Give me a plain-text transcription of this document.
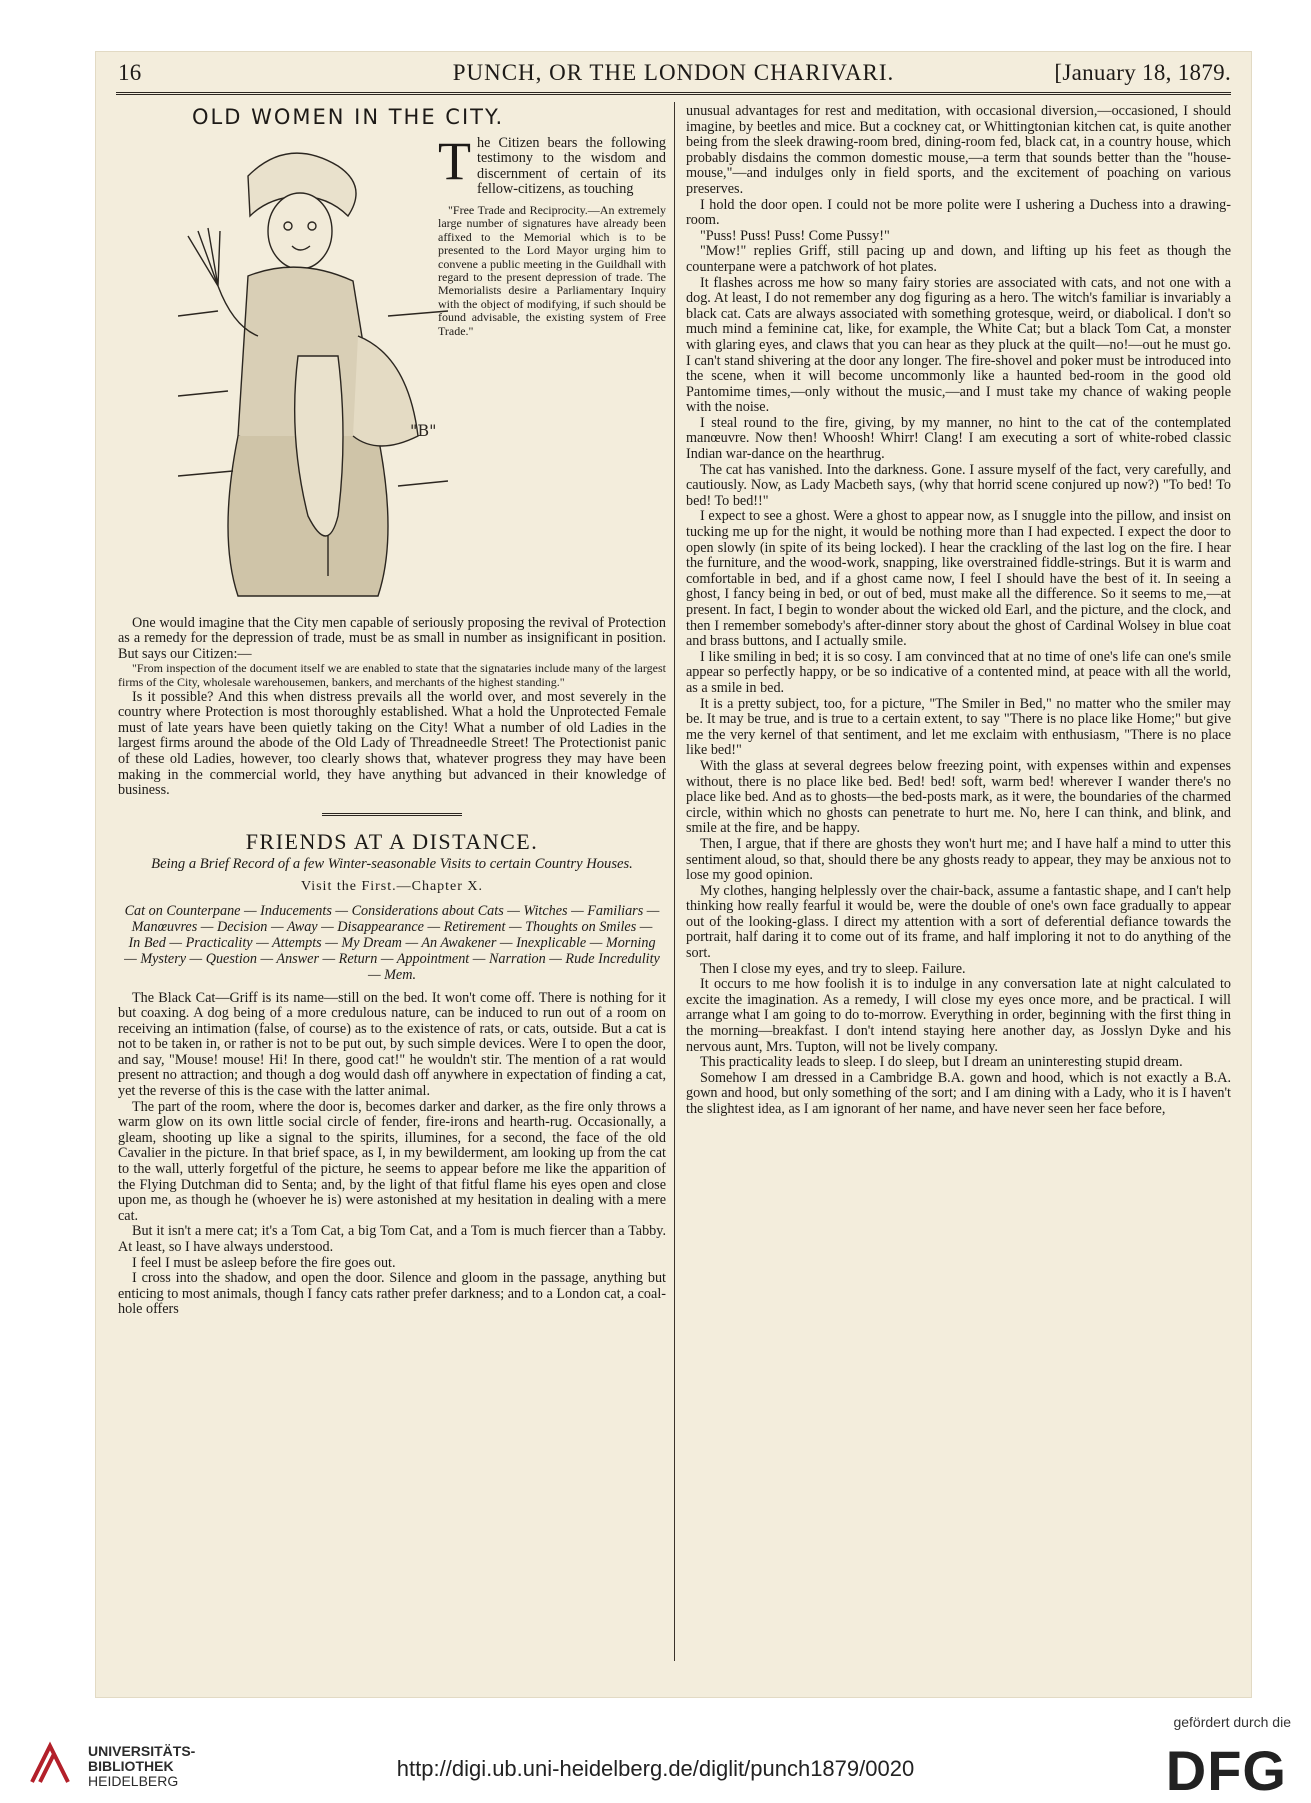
16	PUNCH, OR THE LONDON CHARIVARI.	[January 18, 1879.
OLD WOMEN IN THE CITY.
"B"

The Citizen bears the following testimony to the wisdom and discernment of certain of its fellow-citizens, as touching

"Free Trade and Reciprocity.—An extremely large number of signatures have already been affixed to the Memorial which is to be presented to the Lord Mayor urging him to convene a public meeting in the Guildhall with regard to the present depression of trade. The Memorialists desire a Parliamentary Inquiry with the object of modifying, if such should be found advisable, the existing system of Free Trade."

One would imagine that the City men capable of seriously proposing the revival of Protection as a remedy for the depression of trade, must be as small in number as insignificant in position. But says our Citizen:—

"From inspection of the document itself we are enabled to state that the signataries include many of the largest firms of the City, wholesale warehousemen, bankers, and merchants of the highest standing."

Is it possible? And this when distress prevails all the world over, and most severely in the country where Protection is most thoroughly established. What a hold the Unprotected Female must of late years have been quietly taking on the City! What a number of old Ladies in the largest firms around the abode of the Old Lady of Threadneedle Street! The Protectionist panic of these old Ladies, however, too clearly shows that, whatever progress they may have been making in the commercial world, they have anything but advanced in their knowledge of business.

FRIENDS AT A DISTANCE.
Being a Brief Record of a few Winter-seasonable Visits to certain Country Houses.
Visit the First.—Chapter X.
Cat on Counterpane — Inducements — Considerations about Cats — Witches — Familiars — Manœuvres — Decision — Away — Disappearance — Retirement — Thoughts on Smiles — In Bed — Practicality — Attempts — My Dream — An Awakener — Inexplicable — Morning — Mystery — Question — Answer — Return — Appointment — Narration — Rude Incredulity — Mem.

The Black Cat—Griff is its name—still on the bed. It won't come off. There is nothing for it but coaxing. A dog being of a more credulous nature, can be induced to run out of a room on receiving an intimation (false, of course) as to the existence of rats, or cats, outside. But a cat is not to be taken in, or rather is not to be put out, by such simple devices. Were I to open the door, and say, "Mouse! mouse! Hi! In there, good cat!" he wouldn't stir. The mention of a rat would present no attraction; and though a dog would dash off anywhere in expectation of finding a cat, yet the reverse of this is the case with the latter animal.

The part of the room, where the door is, becomes darker and darker, as the fire only throws a warm glow on its own little social circle of fender, fire-irons and hearth-rug. Occasionally, a gleam, shooting up like a signal to the spirits, illumines, for a second, the face of the old Cavalier in the picture. In that brief space, as I, in my bewilderment, am looking up from the cat to the wall, utterly forgetful of the picture, he seems to appear before me like the apparition of the Flying Dutchman did to Senta; and, by the light of that fitful flame his eyes open and close upon me, as though he (whoever he is) were astonished at my hesitation in dealing with a mere cat.

But it isn't a mere cat; it's a Tom Cat, a big Tom Cat, and a Tom is much fiercer than a Tabby. At least, so I have always understood.

I feel I must be asleep before the fire goes out.

I cross into the shadow, and open the door. Silence and gloom in the passage, anything but enticing to most animals, though I fancy cats rather prefer darkness; and to a London cat, a coal-hole offers

unusual advantages for rest and meditation, with occasional diversion,—occasioned, I should imagine, by beetles and mice. But a cockney cat, or Whittingtonian kitchen cat, is quite another being from the sleek drawing-room bred, dining-room fed, black cat, in a country house, which probably disdains the common domestic mouse,—a term that sounds better than the "house-mouse,"—and indulges only in field sports, and the excitement of poaching on various preserves.

I hold the door open. I could not be more polite were I ushering a Duchess into a drawing-room.

"Puss! Puss! Puss! Come Pussy!"

"Mow!" replies Griff, still pacing up and down, and lifting up his feet as though the counterpane were a patchwork of hot plates.

It flashes across me how so many fairy stories are associated with cats, and not one with a dog. At least, I do not remember any dog figuring as a hero. The witch's familiar is invariably a black cat. Cats are always associated with something grotesque, weird, or diabolical. I don't so much mind a feminine cat, like, for example, the White Cat; but a black Tom Cat, a monster with glaring eyes, and claws that you can hear as they pluck at the quilt—no!—out he must go. I can't stand shivering at the door any longer. The fire-shovel and poker must be introduced into the scene, when it will become uncommonly like a haunted bed-room in the good old Pantomime times,—only without the music,—and I must take my chance of waking people with the noise.

I steal round to the fire, giving, by my manner, no hint to the cat of the contemplated manœuvre. Now then! Whoosh! Whirr! Clang! I am executing a sort of white-robed classic Indian war-dance on the hearthrug.

The cat has vanished. Into the darkness. Gone. I assure myself of the fact, very carefully, and cautiously. Now, as Lady Macbeth says, (why that horrid scene conjured up now?) "To bed! To bed! To bed!!"

I expect to see a ghost. Were a ghost to appear now, as I snuggle into the pillow, and insist on tucking me up for the night, it would be nothing more than I had expected. I expect the door to open slowly (in spite of its being locked). I hear the crackling of the last log on the fire. I hear the furniture, and the wood-work, snapping, like overstrained fiddle-strings. But it is warm and comfortable in bed, and if a ghost came now, I feel I should have the best of it. In seeing a ghost, I fancy being in bed, or out of bed, must make all the difference. So it seems to me,—at present. In fact, I begin to wonder about the wicked old Earl, and the picture, and the clock, and then I remember somebody's after-dinner story about the ghost of Cardinal Wolsey in blue coat and brass buttons, and I actually smile.

I like smiling in bed; it is so cosy. I am convinced that at no time of one's life can one's smile appear so perfectly happy, or be so indicative of a contented mind, at peace with all the world, as a smile in bed.

It is a pretty subject, too, for a picture, "The Smiler in Bed," no matter who the smiler may be. It may be true, and is true to a certain extent, to say "There is no place like Home;" but give me the very kernel of that sentiment, and let me exclaim with enthusiasm, "There is no place like bed!"

With the glass at several degrees below freezing point, with expenses within and expenses without, there is no place like bed. Bed! bed! soft, warm bed! wherever I wander there's no place like bed. And as to ghosts—the bed-posts mark, as it were, the boundaries of the charmed circle, within which no ghosts can penetrate to hurt me. No, here I can think, and blink, and smile at the fire, and be happy.

Then, I argue, that if there are ghosts they won't hurt me; and I have half a mind to utter this sentiment aloud, so that, should there be any ghosts ready to appear, they may be anxious not to lose my good opinion.

My clothes, hanging helplessly over the chair-back, assume a fantastic shape, and I can't help thinking how really fearful it would be, were the double of one's own face gradually to appear out of the looking-glass. I direct my attention with a sort of deferential defiance towards the portrait, half daring it to come out of its frame, and half imploring it not to do anything of the sort.

Then I close my eyes, and try to sleep. Failure.

It occurs to me how foolish it is to indulge in any conversation late at night calculated to excite the imagination. As a remedy, I will close my eyes once more, and be practical. I will arrange what I am going to do to-morrow. Everything in order, beginning with the first thing in the morning—breakfast. I don't intend staying here another day, as Josslyn Dyke and his nervous aunt, Mrs. Tupton, will not be lively company.

This practicality leads to sleep. I do sleep, but I dream an uninteresting stupid dream.

Somehow I am dressed in a Cambridge B.A. gown and hood, which is not exactly a B.A. gown and hood, but only something of the sort; and I am dining with a Lady, who it is I haven't the slightest idea, as I am ignorant of her name, and have never seen her face before,

UNIVERSITÄTS-
BIBLIOTHEK
HEIDELBERG	http://digi.ub.uni-heidelberg.de/diglit/punch1879/0020
gefördert durch die
DFG
